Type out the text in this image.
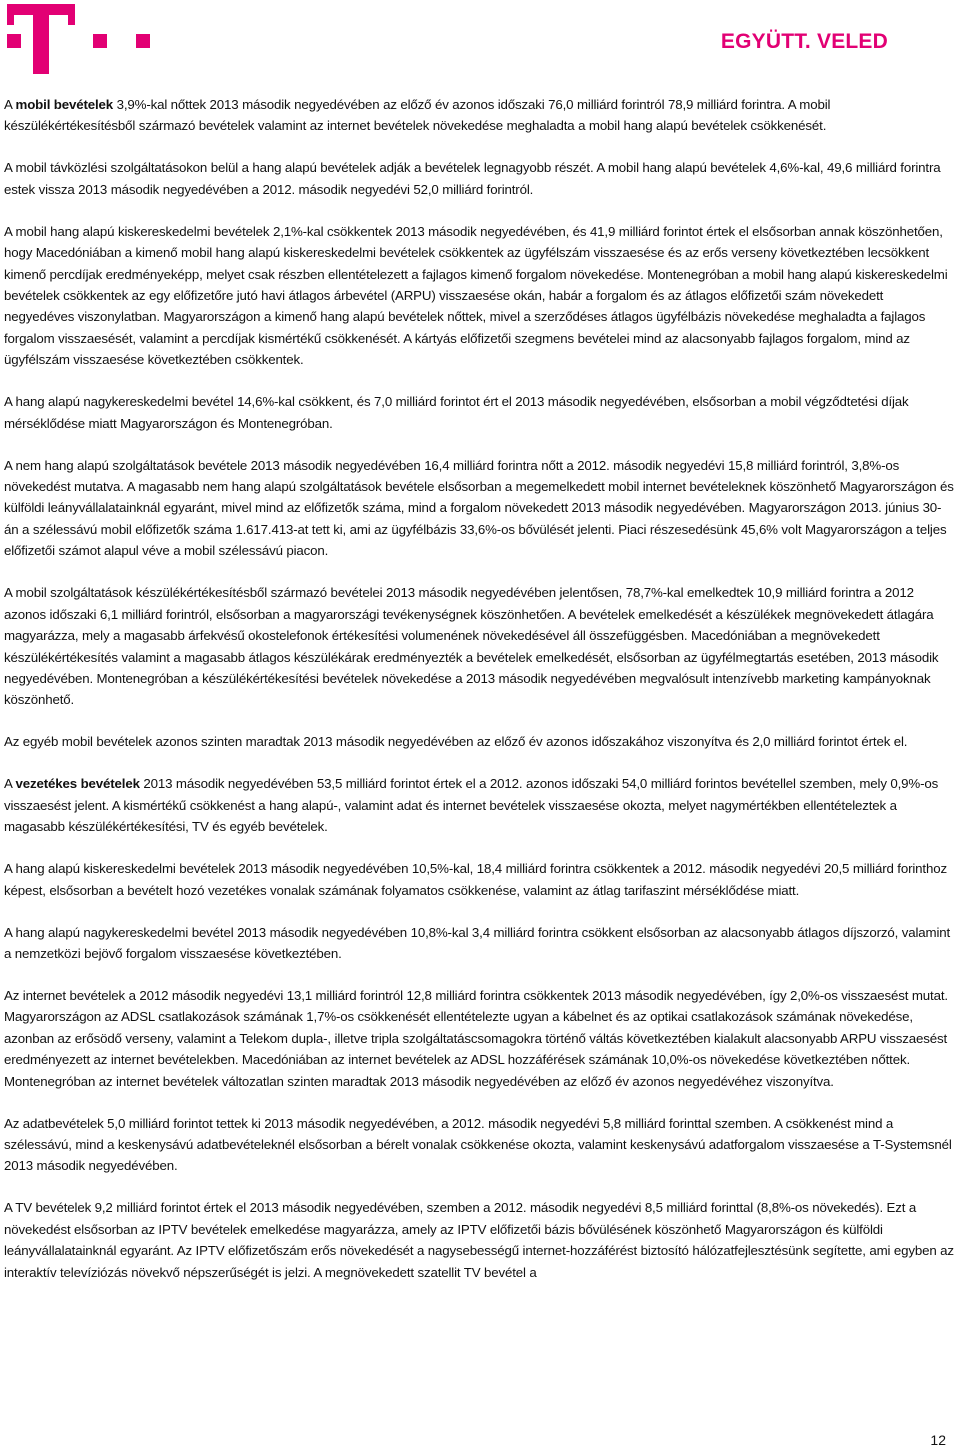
EGYÜTT. VELED

A mobil bevételek 3,9%-kal nőttek 2013 második negyedévében az előző év azonos időszaki 76,0 milliárd forintról 78,9 milliárd forintra. A mobil készülékértékesítésből származó bevételek valamint az internet bevételek növekedése meghaladta a mobil hang alapú bevételek csökkenését.

A mobil távközlési szolgáltatásokon belül a hang alapú bevételek adják a bevételek legnagyobb részét. A mobil hang alapú bevételek 4,6%-kal, 49,6 milliárd forintra estek vissza 2013 második negyedévében a 2012. második negyedévi 52,0 milliárd forintról.

A mobil hang alapú kiskereskedelmi bevételek 2,1%-kal csökkentek 2013 második negyedévében, és 41,9 milliárd forintot értek el elsősorban annak köszönhetően, hogy Macedóniában a kimenő mobil hang alapú kiskereskedelmi bevételek csökkentek az ügyfélszám visszaesése és az erős verseny következtében lecsökkent kimenő percdíjak eredményeképp, melyet csak részben ellentételezett a fajlagos kimenő forgalom növekedése. Montenegróban a mobil hang alapú kiskereskedelmi bevételek csökkentek az egy előfizetőre jutó havi átlagos árbevétel (ARPU) visszaesése okán, habár a forgalom és az átlagos előfizetői szám növekedett negyedéves viszonylatban. Magyarországon a kimenő hang alapú bevételek nőttek, mivel a szerződéses átlagos ügyfélbázis növekedése meghaladta a fajlagos forgalom visszaesését, valamint a percdíjak kismértékű csökkenését. A kártyás előfizetői szegmens bevételei mind az alacsonyabb fajlagos forgalom, mind az ügyfélszám visszaesése következtében csökkentek.

A hang alapú nagykereskedelmi bevétel 14,6%-kal csökkent, és 7,0 milliárd forintot ért el 2013 második negyedévében, elsősorban a mobil végződtetési díjak mérséklődése miatt Magyarországon és Montenegróban.

A nem hang alapú szolgáltatások bevétele 2013 második negyedévében 16,4 milliárd forintra nőtt a 2012. második negyedévi 15,8 milliárd forintról, 3,8%-os növekedést mutatva. A magasabb nem hang alapú szolgáltatások bevétele elsősorban a megemelkedett mobil internet bevételeknek köszönhető Magyarországon és külföldi leányvállalatainknál egyaránt, mivel mind az előfizetők száma, mind a forgalom növekedett 2013 második negyedévében. Magyarországon 2013. június 30-án a szélessávú mobil előfizetők száma 1.617.413-at tett ki, ami az ügyfélbázis 33,6%-os bővülését jelenti. Piaci részesedésünk 45,6% volt Magyarországon a teljes előfizetői számot alapul véve a mobil szélessávú piacon.

A mobil szolgáltatások készülékértékesítésből származó bevételei 2013 második negyedévében jelentősen, 78,7%-kal emelkedtek 10,9 milliárd forintra a 2012 azonos időszaki 6,1 milliárd forintról, elsősorban a magyarországi tevékenységnek köszönhetően. A bevételek emelkedését a készülékek megnövekedett átlagára magyarázza, mely a magasabb árfekvésű okostelefonok értékesítési volumenének növekedésével áll összefüggésben. Macedóniában a megnövekedett készülékértékesítés valamint a magasabb átlagos készülékárak eredményezték a bevételek emelkedését, elsősorban az ügyfélmegtartás esetében, 2013 második negyedévében. Montenegróban a készülékértékesítési bevételek növekedése a 2013 második negyedévében megvalósult intenzívebb marketing kampányoknak köszönhető.

Az egyéb mobil bevételek azonos szinten maradtak 2013 második negyedévében az előző év azonos időszakához viszonyítva és 2,0 milliárd forintot értek el.

A vezetékes bevételek 2013 második negyedévében 53,5 milliárd forintot értek el a 2012. azonos időszaki 54,0 milliárd forintos bevétellel szemben, mely 0,9%-os visszaesést jelent. A kismértékű csökkenést a hang alapú-, valamint adat és internet bevételek visszaesése okozta, melyet nagymértékben ellentételeztek a magasabb készülékértékesítési, TV és egyéb bevételek.

A hang alapú kiskereskedelmi bevételek 2013 második negyedévében 10,5%-kal, 18,4 milliárd forintra csökkentek a 2012. második negyedévi 20,5 milliárd forinthoz képest, elsősorban a bevételt hozó vezetékes vonalak számának folyamatos csökkenése, valamint az átlag tarifaszint mérséklődése miatt.

A hang alapú nagykereskedelmi bevétel 2013 második negyedévében 10,8%-kal 3,4 milliárd forintra csökkent elsősorban az alacsonyabb átlagos díjszorzó, valamint a nemzetközi bejövő forgalom visszaesése következtében.

Az internet bevételek a 2012 második negyedévi 13,1 milliárd forintról 12,8 milliárd forintra csökkentek 2013 második negyedévében, így 2,0%-os visszaesést mutat. Magyarországon az ADSL csatlakozások számának 1,7%-os csökkenését ellentételezte ugyan a kábelnet és az optikai csatlakozások számának növekedése, azonban az erősödő verseny, valamint a Telekom dupla-, illetve tripla szolgáltatáscsomagokra történő váltás következtében kialakult alacsonyabb ARPU visszaesést eredményezett az internet bevételekben. Macedóniában az internet bevételek az ADSL hozzáférések számának 10,0%-os növekedése következtében nőttek. Montenegróban az internet bevételek változatlan szinten maradtak 2013 második negyedévében az előző év azonos negyedévéhez viszonyítva.

Az adatbevételek 5,0 milliárd forintot tettek ki 2013 második negyedévében, a 2012. második negyedévi 5,8 milliárd forinttal szemben. A csökkenést mind a szélessávú, mind a keskenysávú adatbevételeknél elsősorban a bérelt vonalak csökkenése okozta, valamint keskenysávú adatforgalom visszaesése a T-Systemsnél 2013 második negyedévében.

A TV bevételek 9,2 milliárd forintot értek el 2013 második negyedévében, szemben a 2012. második negyedévi 8,5 milliárd forinttal (8,8%-os növekedés). Ezt a növekedést elsősorban az IPTV bevételek emelkedése magyarázza, amely az IPTV előfizetői bázis bővülésének köszönhető Magyarországon és külföldi leányvállalatainknál egyaránt. Az IPTV előfizetőszám erős növekedését a nagysebességű internet-hozzáférést biztosító hálózatfejlesztésünk segítette, ami egyben az interaktív televíziózás növekvő népszerűségét is jelzi. A megnövekedett szatellit TV bevétel a

12
